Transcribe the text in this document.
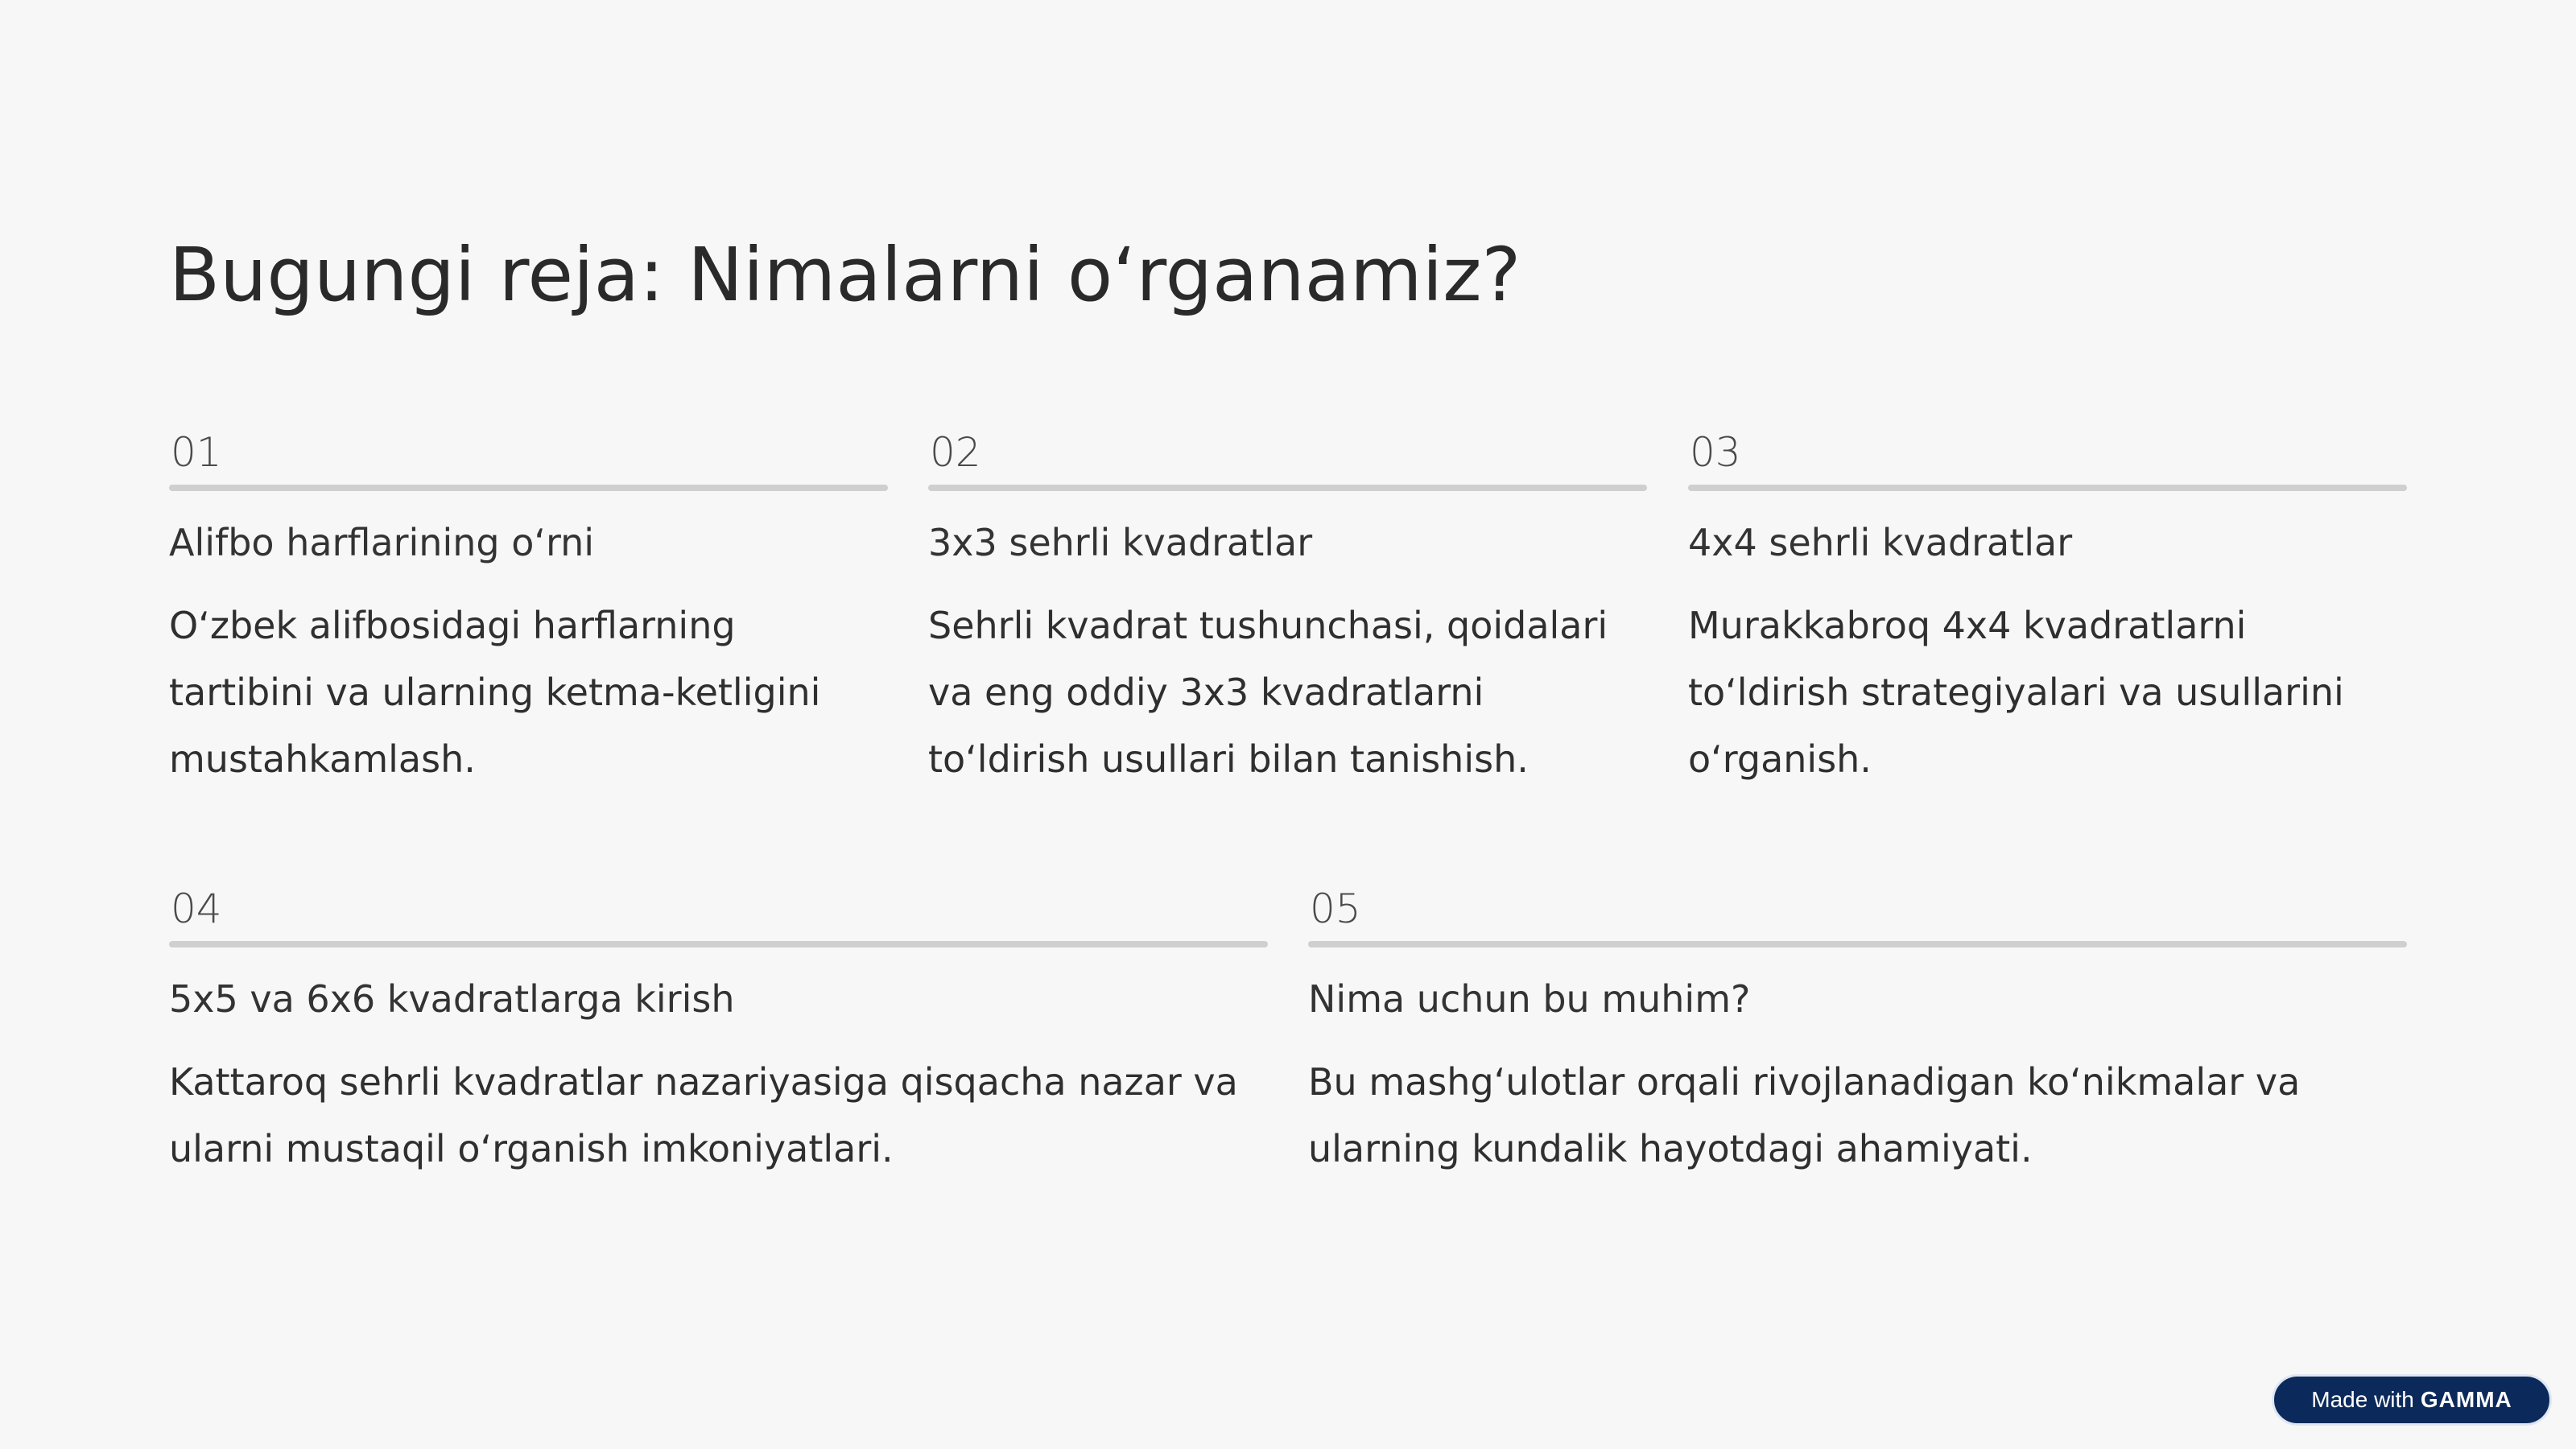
Bugungi reja: Nimalarni oʻrganamiz?

01

Alifbo harflarining oʻrni

Oʻzbek alifbosidagi harflarning tartibini va ularning ketma-ketligini mustahkamlash.

02

3x3 sehrli kvadratlar

Sehrli kvadrat tushunchasi, qoidalari va eng oddiy 3x3 kvadratlarni toʻldirish usullari bilan tanishish.

03

4x4 sehrli kvadratlar

Murakkabroq 4x4 kvadratlarni toʻldirish strategiyalari va usullarini oʻrganish.

04

5x5 va 6x6 kvadratlarga kirish

Kattaroq sehrli kvadratlar nazariyasiga qisqacha nazar va ularni mustaqil oʻrganish imkoniyatlari.

05

Nima uchun bu muhim?

Bu mashgʻulotlar orqali rivojlanadigan koʻnikmalar va ularning kundalik hayotdagi ahamiyati.

Made with GAMMA
